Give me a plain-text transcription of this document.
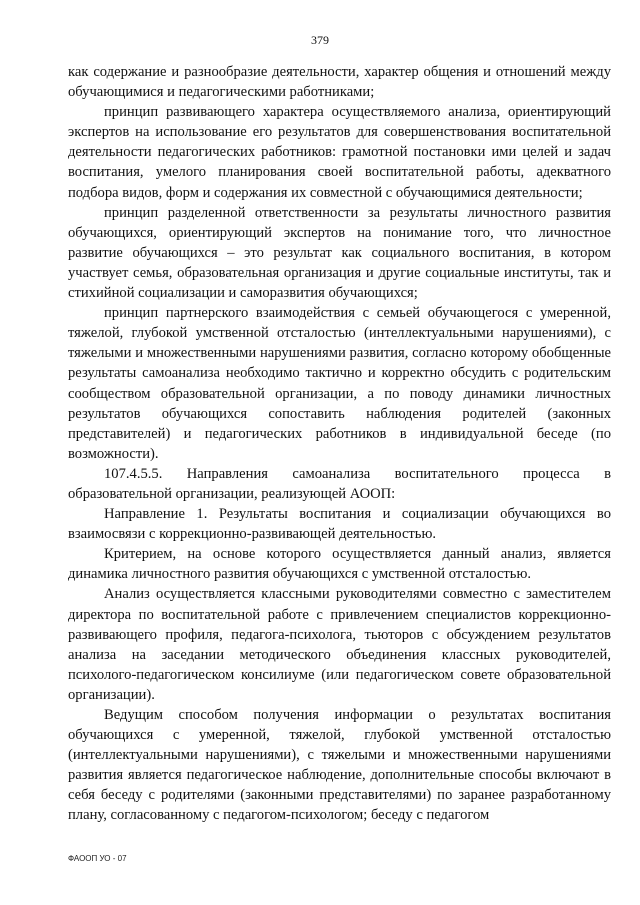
379

как содержание и разнообразие деятельности, характер общения и отношений между обучающимися и педагогическими работниками;

принцип развивающего характера осуществляемого анализа, ориентирующий экспертов на использование его результатов для совершенствования воспитательной деятельности педагогических работников: грамотной постановки ими целей и задач воспитания, умелого планирования своей воспитательной работы, адекватного подбора видов, форм и содержания их совместной с обучающимися деятельности;

принцип разделенной ответственности за результаты личностного развития обучающихся, ориентирующий экспертов на понимание того, что личностное развитие обучающихся – это результат как социального воспитания, в котором участвует семья, образовательная организация и другие социальные институты, так и стихийной социализации и саморазвития обучающихся;

принцип партнерского взаимодействия с семьей обучающегося с умеренной, тяжелой, глубокой умственной отсталостью (интеллектуальными нарушениями), с тяжелыми и множественными нарушениями развития, согласно которому обобщенные результаты самоанализа необходимо тактично и корректно обсудить с родительским сообществом образовательной организации, а по поводу динамики личностных результатов обучающихся сопоставить наблюдения родителей (законных представителей) и педагогических работников в индивидуальной беседе (по возможности).

107.4.5.5. Направления самоанализа воспитательного процесса в образовательной организации, реализующей АООП:

Направление 1. Результаты воспитания и социализации обучающихся во взаимосвязи с коррекционно-развивающей деятельностью.

Критерием, на основе которого осуществляется данный анализ, является динамика личностного развития обучающихся с умственной отсталостью.

Анализ осуществляется классными руководителями совместно с заместителем директора по воспитательной работе с привлечением специалистов коррекционно-развивающего профиля, педагога-психолога, тьюторов с обсуждением результатов анализа на заседании методического объединения классных руководителей, психолого-педагогическом консилиуме (или педагогическом совете образовательной организации).

Ведущим способом получения информации о результатах воспитания обучающихся с умеренной, тяжелой, глубокой умственной отсталостью (интеллектуальными нарушениями), с тяжелыми и множественными нарушениями развития является педагогическое наблюдение, дополнительные способы включают в себя беседу с родителями (законными представителями) по заранее разработанному плану, согласованному с педагогом-психологом; беседу с педагогом

ФАООП УО - 07
